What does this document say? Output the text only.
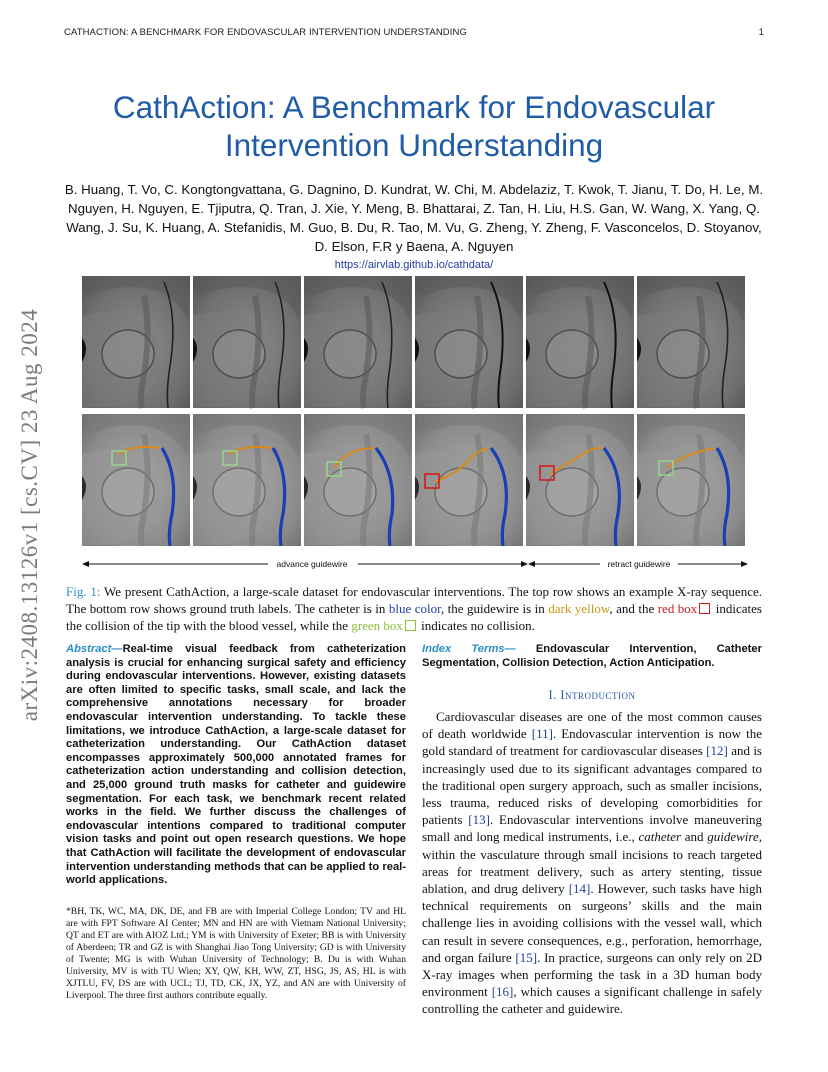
CATHACTION: A BENCHMARK FOR ENDOVASCULAR INTERVENTION UNDERSTANDING	1
CathAction: A Benchmark for Endovascular Intervention Understanding
B. Huang, T. Vo, C. Kongtongvattana, G. Dagnino, D. Kundrat, W. Chi, M. Abdelaziz, T. Kwok, T. Jianu, T. Do, H. Le, M. Nguyen, H. Nguyen, E. Tjiputra, Q. Tran, J. Xie, Y. Meng, B. Bhattarai, Z. Tan, H. Liu, H.S. Gan, W. Wang, X. Yang, Q. Wang, J. Su, K. Huang, A. Stefanidis, M. Guo, B. Du, R. Tao, M. Vu, G. Zheng, Y. Zheng, F. Vasconcelos, D. Stoyanov, D. Elson, F.R y Baena, A. Nguyen
https://airvlab.github.io/cathdata/
arXiv:2408.13126v1 [cs.CV] 23 Aug 2024	advance guidewire	retract guidewire
Fig. 1: We present CathAction, a large-scale dataset for endovascular interventions. The top row shows an example X-ray sequence. The bottom row shows ground truth labels. The catheter is in blue color, the guidewire is in dark yellow, and the red box indicates the collision of the tip with the blood vessel, while the green box indicates no collision.
Abstract—Real-time visual feedback from catheterization analysis is crucial for enhancing surgical safety and efficiency during endovascular interventions. However, existing datasets are often limited to specific tasks, small scale, and lack the comprehensive annotations necessary for broader endovascular intervention understanding. To tackle these limitations, we introduce CathAction, a large-scale dataset for catheterization understanding. Our CathAction dataset encompasses approximately 500,000 annotated frames for catheterization action understanding and collision detection, and 25,000 ground truth masks for catheter and guidewire segmentation. For each task, we benchmark recent related works in the field. We further discuss the challenges of endovascular intentions compared to traditional computer vision tasks and point out open research questions. We hope that CathAction will facilitate the development of endovascular intervention understanding methods that can be applied to real-world applications.
*BH, TK, WC, MA, DK, DE, and FB are with Imperial College London; TV and HL are with FPT Software AI Center; MN and HN are with Vietnam National University; QT and ET are with AIOZ Ltd.; YM is with University of Exeter; BB is with University of Aberdeen; TR and GZ is with Shanghai Jiao Tong University; GD is with University of Twente; MG is with Wuhan University of Technology; B. Du is with Wuhan University, MV is with TU Wien; XY, QW, KH, WW, ZT, HSG, JS, AS, HL is with XJTLU, FV, DS are with UCL; TJ, TD, CK, JX, YZ, and AN are with University of Liverpool. The three first authors contribute equally.
Index Terms— Endovascular Intervention, Catheter Segmentation, Collision Detection, Action Anticipation.
I. Introduction
Cardiovascular diseases are one of the most common causes of death worldwide [11]. Endovascular intervention is now the gold standard of treatment for cardiovascular diseases [12] and is increasingly used due to its significant advantages compared to the traditional open surgery approach, such as smaller incisions, less trauma, reduced risks of developing comorbidities for patients [13]. Endovascular interventions involve maneuvering small and long medical instruments, i.e., catheter and guidewire, within the vasculature through small incisions to reach targeted areas for treatment delivery, such as artery stenting, tissue ablation, and drug delivery [14]. However, such tasks have high technical requirements on surgeons’ skills and the main challenge lies in avoiding collisions with the vessel wall, which can result in severe consequences, e.g., perforation, hemorrhage, and organ failure [15]. In practice, surgeons can only rely on 2D X-ray images when performing the task in a 3D human body environment [16], which causes a significant challenge in safely controlling the catheter and guidewire.
